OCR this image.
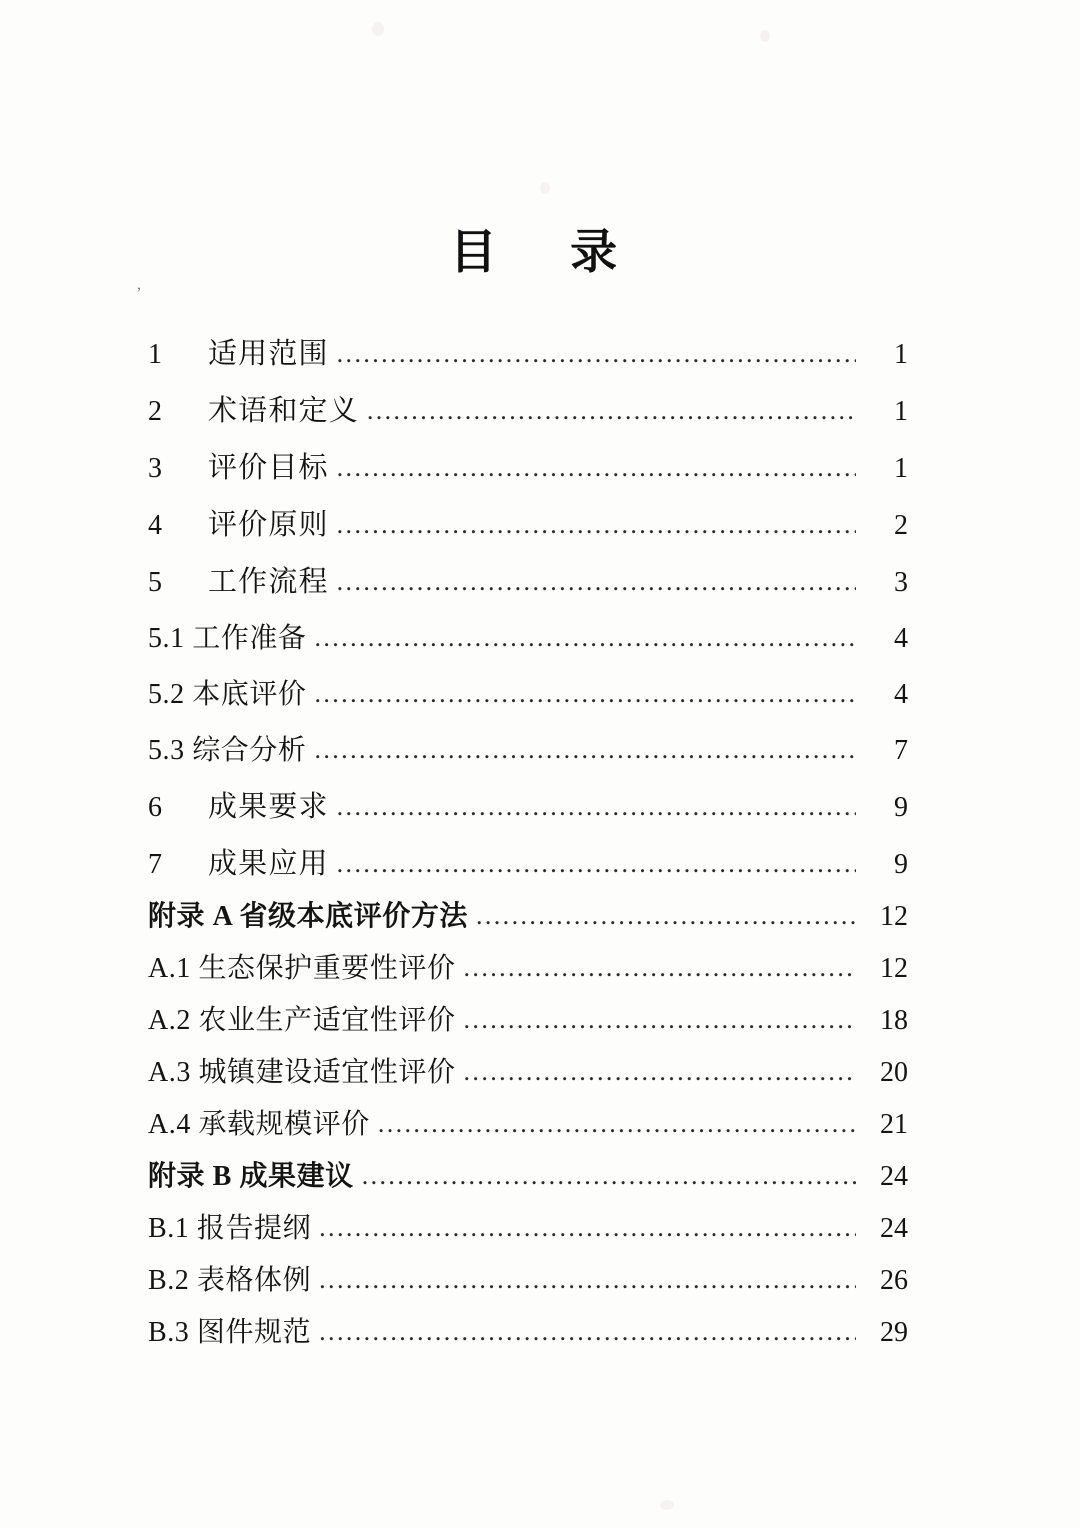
目　录
,
1	适用范围 .....	1
2	术语和定义 .....	1
3	评价目标 .....	1
4	评价原则 .....	2
5	工作流程 .....	3
5.1 工作准备 .....	4
5.2 本底评价 .....	4
5.3 综合分析 .....	7
6	成果要求 .....	9
7	成果应用 .....	9
附录 A 省级本底评价方法 .....	12
A.1 生态保护重要性评价 .....	12
A.2 农业生产适宜性评价 .....	18
A.3 城镇建设适宜性评价 .....	20
A.4 承载规模评价 .....	21
附录 B 成果建议 .....	24
B.1 报告提纲 .....	24
B.2 表格体例 .....	26
B.3 图件规范 .....	29
